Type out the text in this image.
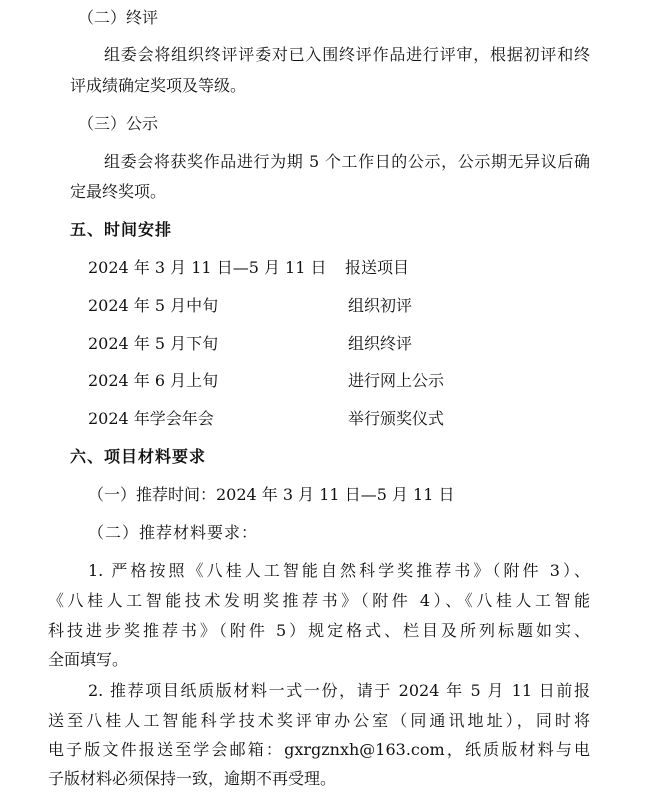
（二）终评
组委会将组织终评评委对已入围终评作品进行评审，根据初评和终
评成绩确定奖项及等级。
（三）公示
组委会将获奖作品进行为期 5 个工作日的公示，公示期无异议后确
定最终奖项。
五、时间安排
2024 年 3 月 11 日—5 月 11 日 报送项目
2024 年 5 月中旬	组织初评
2024 年 5 月下旬	组织终评
2024 年 6 月上旬	进行网上公示
2024 年学会年会	举行颁奖仪式
六、项目材料要求
（一）推荐时间：2024 年 3 月 11 日—5 月 11 日
（二）推荐材料要求：
1. 严格按照《八桂人工智能自然科学奖推荐书》（附件 3）、
《八桂人工智能技术发明奖推荐书》（附件 4）、《八桂人工智能
科技进步奖推荐书》（附件 5）规定格式、栏目及所列标题如实、
全面填写。
2. 推荐项目纸质版材料一式一份，请于 2024 年 5 月 11 日前报
送至八桂人工智能科学技术奖评审办公室（同通讯地址），同时将
电子版文件报送至学会邮箱：gxrgznxh@163.com，纸质版材料与电
子版材料必须保持一致，逾期不再受理。
